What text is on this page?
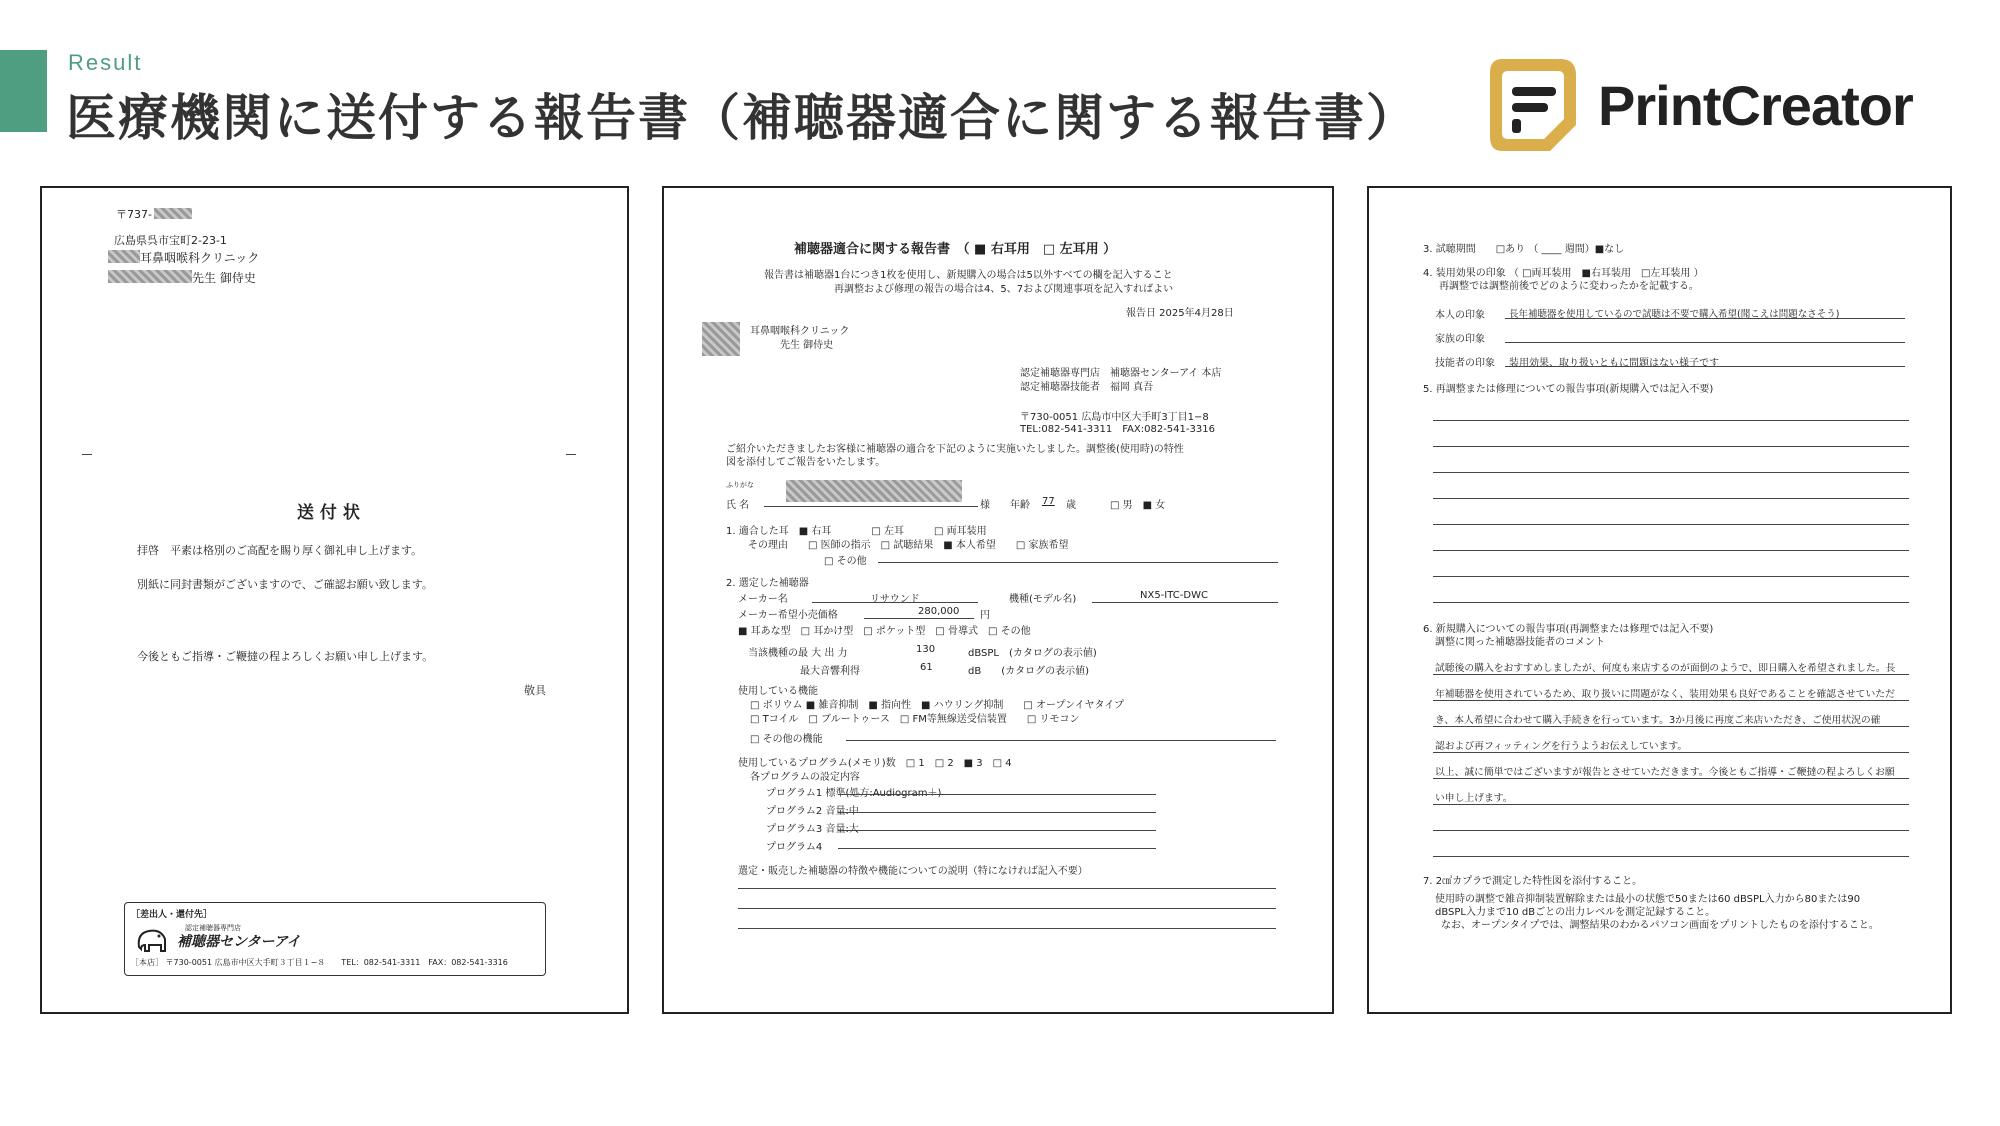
Result
医療機関に送付する報告書（補聴器適合に関する報告書）	PrintCreator
〒737-
広島県呉市宝町2-23-1
耳鼻咽喉科クリニック
先生 御侍史
送 付 状
拝啓　平素は格別のご高配を賜り厚く御礼申し上げます。
別紙に同封書類がございますので、ご確認お願い致します。
今後ともご指導・ご鞭撻の程よろしくお願い申し上げます。
敬具
［差出人・還付先］
認定補聴器専門店
補聴器センターアイ
［本店］ 〒730-0051 広島市中区大手町３丁目１−８　　TEL：082-541-3311　FAX：082-541-3316
補聴器適合に関する報告書　（ ■ 右耳用　□ 左耳用 ）
報告書は補聴器1台につき1枚を使用し、新規購入の場合は5以外すべての欄を記入すること
再調整および修理の報告の場合は4、5、7および関連事項を記入すればよい
報告日 2025年4月28日
耳鼻咽喉科クリニック
先生 御侍史
認定補聴器専門店　補聴器センターアイ 本店
認定補聴器技能者　福岡 真吾
〒730-0051 広島市中区大手町3丁目1−8
TEL:082-541-3311　FAX:082-541-3316
ご紹介いただきましたお客様に補聴器の適合を下記のように実施いたしました。調整後(使用時)の特性
図を添付してご報告をいたします。
ふりがな
氏 名	様 年齢 77 歳	□ 男　■ 女
1. 適合した耳　■ 右耳　　　　□ 左耳　　　□ 両耳装用
その理由　　□ 医師の指示　□ 試聴結果　■ 本人希望　　□ 家族希望
□ その他
2. 選定した補聴器
メーカー名	リサウンド	機種(モデル名)	NX5-ITC-DWC
メーカー希望小売価格	280,000 円
■ 耳あな型　□ 耳かけ型　□ ポケット型　□ 骨導式　□ その他
当該機種の最 大 出 力	130	dBSPL　(カタログの表示値)
最大音響利得	61	dB　　(カタログの表示値)
使用している機能
□ ボリウム ■ 雑音抑制　■ 指向性　■ ハウリング抑制　　□ オープンイヤタイプ
□ Tコイル　□ ブルートゥース　□ FM等無線送受信装置　　□ リモコン
□ その他の機能
使用しているプログラム(メモリ)数　□ 1　□ 2　■ 3　□ 4
各プログラムの設定内容
プログラム1 標準(処方:Audiogram＋)
プログラム2 音量:中
プログラム3 音量:大
プログラム4
選定・販売した補聴器の特徴や機能についての説明（特になければ記入不要）
3. 試聴期間　　□あり （ ____ 週間）■なし
4. 装用効果の印象 （ □両耳装用　■右耳装用　□左耳装用 ）
再調整では調整前後でどのように変わったかを記載する。
本人の印象	長年補聴器を使用しているので試聴は不要で購入希望(聞こえは問題なさそう)
家族の印象
技能者の印象 装用効果、取り扱いともに問題はない様子です
5. 再調整または修理についての報告事項(新規購入では記入不要)
6. 新規購入についての報告事項(再調整または修理では記入不要)
調整に関った補聴器技能者のコメント
試聴後の購入をおすすめしましたが、何度も来店するのが面倒のようで、即日購入を希望されました。長
年補聴器を使用されているため、取り扱いに問題がなく、装用効果も良好であることを確認させていただ
き、本人希望に合わせて購入手続きを行っています。3か月後に再度ご来店いただき、ご使用状況の確
認および再フィッティングを行うようお伝えしています。
以上、誠に簡単ではございますが報告とさせていただきます。今後ともご指導・ご鞭撻の程よろしくお願
い申し上げます。
7. 2㎤カプラで測定した特性図を添付すること。
使用時の調整で雑音抑制装置解除または最小の状態で50または60 dBSPL入力から80または90
dBSPL入力まで10 dBごとの出力レベルを測定記録すること。
なお、オープンタイプでは、調整結果のわかるパソコン画面をプリントしたものを添付すること。
